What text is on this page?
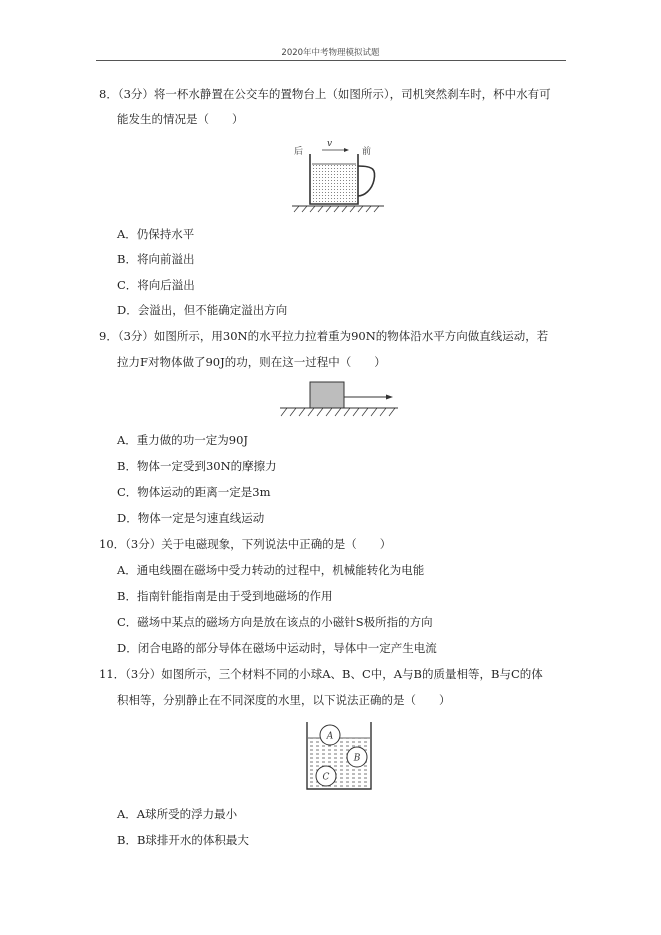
2020年中考物理模拟试题
8．（3分）将一杯水静置在公交车的置物台上（如图所示），司机突然刹车时，杯中水有可
能发生的情况是（　　）
后
v
前
A．仍保持水平
B．将向前溢出
C．将向后溢出
D．会溢出，但不能确定溢出方向
9．（3分）如图所示，用30N的水平拉力拉着重为90N的物体沿水平方向做直线运动，若
拉力F对物体做了90J的功，则在这一过程中（　　）
A．重力做的功一定为90J
B．物体一定受到30N的摩擦力
C．物体运动的距离一定是3m
D．物体一定是匀速直线运动
10．（3分）关于电磁现象，下列说法中正确的是（　　）
A．通电线圈在磁场中受力转动的过程中，机械能转化为电能
B．指南针能指南是由于受到地磁场的作用
C．磁场中某点的磁场方向是放在该点的小磁针S极所指的方向
D．闭合电路的部分导体在磁场中运动时，导体中一定产生电流
11．（3分）如图所示，三个材料不同的小球A、B、C中，A与B的质量相等，B与C的体
积相等，分别静止在不同深度的水里，以下说法正确的是（　　）
A
B
C
A．A球所受的浮力最小
B．B球排开水的体积最大
